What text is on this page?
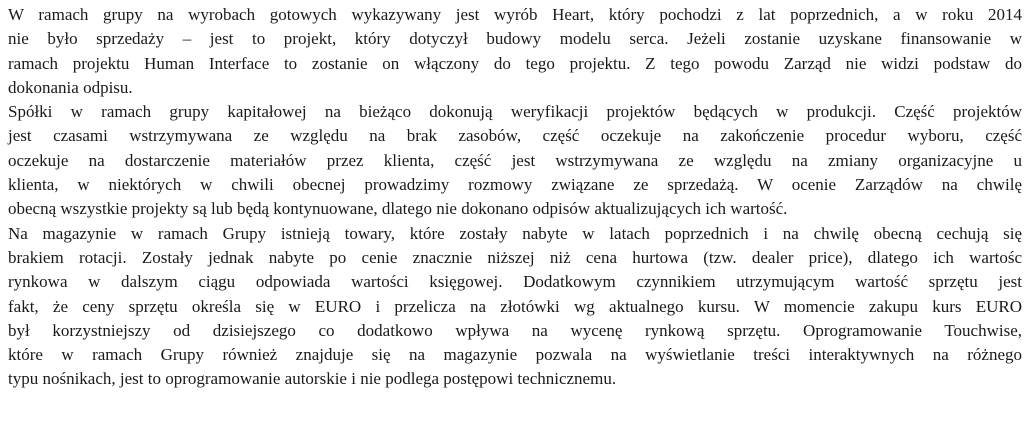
W ramach grupy na wyrobach gotowych wykazywany jest wyrób Heart, który pochodzi z lat poprzednich, a w roku 2014
nie było sprzedaży – jest to projekt, który dotyczył budowy modelu serca. Jeżeli zostanie uzyskane finansowanie w
ramach projektu Human Interface to zostanie on włączony do tego projektu. Z tego powodu Zarząd nie widzi podstaw do
dokonania odpisu.
Spółki w ramach grupy kapitałowej na bieżąco dokonują weryfikacji projektów będących w produkcji. Część projektów
jest czasami wstrzymywana ze względu na brak zasobów, część oczekuje na zakończenie procedur wyboru, część
oczekuje na dostarczenie materiałów przez klienta, część jest wstrzymywana ze względu na zmiany organizacyjne u
klienta, w niektórych w chwili obecnej prowadzimy rozmowy związane ze sprzedażą. W ocenie Zarządów na chwilę
obecną wszystkie projekty są lub będą kontynuowane, dlatego nie dokonano odpisów aktualizujących ich wartość.
Na magazynie w ramach Grupy istnieją towary, które zostały nabyte w latach poprzednich i na chwilę obecną cechują się
brakiem rotacji. Zostały jednak nabyte po cenie znacznie niższej niż cena hurtowa (tzw. dealer price), dlatego ich wartośc
rynkowa w dalszym ciągu odpowiada wartości księgowej. Dodatkowym czynnikiem utrzymującym wartość sprzętu jest
fakt, że ceny sprzętu określa się w EURO i przelicza na złotówki wg aktualnego kursu. W momencie zakupu kurs EURO
był korzystniejszy od dzisiejszego co dodatkowo wpływa na wycenę rynkową sprzętu. Oprogramowanie Touchwise,
które w ramach Grupy również znajduje się na magazynie pozwala na wyświetlanie treści interaktywnych na różnego
typu nośnikach, jest to oprogramowanie autorskie i nie podlega postępowi technicznemu.
